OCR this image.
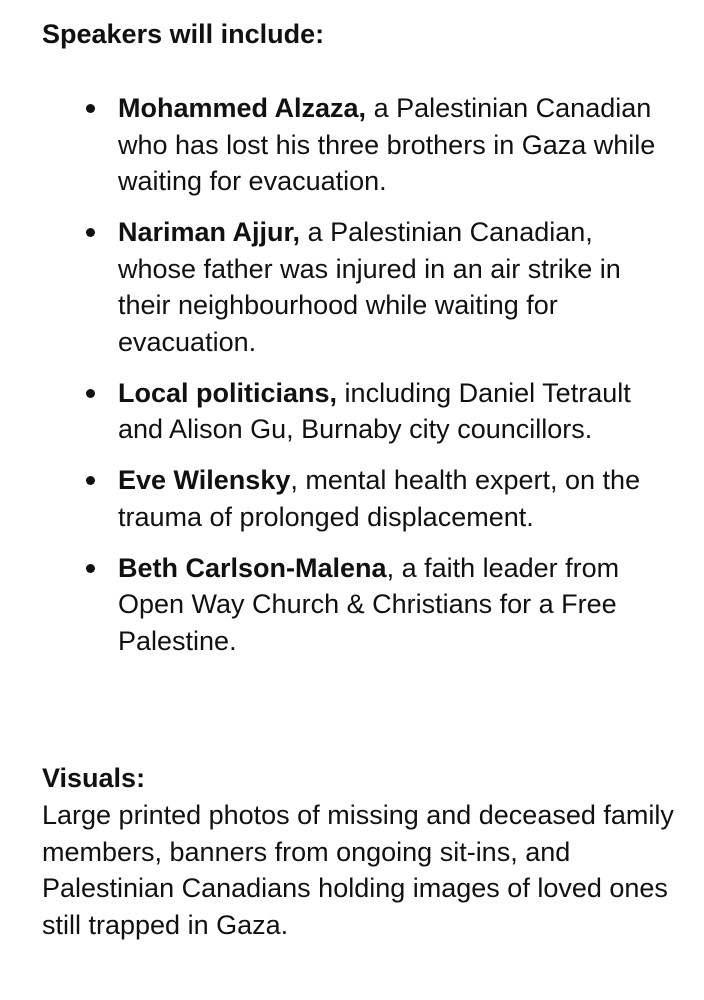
Speakers will include:
Mohammed Alzaza, a Palestinian Canadian who has lost his three brothers in Gaza while waiting for evacuation.
Nariman Ajjur, a Palestinian Canadian, whose father was injured in an air strike in their neighbourhood while waiting for evacuation.
Local politicians, including Daniel Tetrault and Alison Gu, Burnaby city councillors.
Eve Wilensky, mental health expert, on the trauma of prolonged displacement.
Beth Carlson-Malena, a faith leader from Open Way Church & Christians for a Free Palestine.
Visuals:

Large printed photos of missing and deceased family members, banners from ongoing sit-ins, and Palestinian Canadians holding images of loved ones still trapped in Gaza.
